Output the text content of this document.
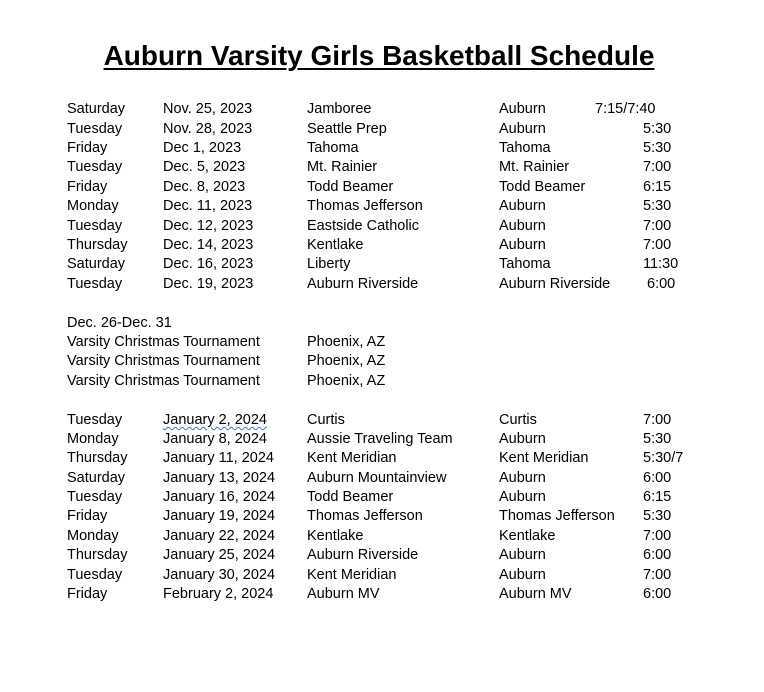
Auburn Varsity Girls Basketball Schedule
Saturday	Nov. 25, 2023	Jamboree	Auburn	7:15/7:40
Tuesday	Nov. 28, 2023	Seattle Prep	Auburn	5:30
Friday	Dec 1, 2023	Tahoma	Tahoma	5:30
Tuesday	Dec. 5, 2023	Mt. Rainier	Mt. Rainier	7:00
Friday	Dec. 8, 2023	Todd Beamer	Todd Beamer	6:15
Monday	Dec. 11, 2023	Thomas Jefferson	Auburn	5:30
Tuesday	Dec. 12, 2023	Eastside Catholic	Auburn	7:00
Thursday Dec. 14, 2023	Kentlake	Auburn	7:00
Saturday	Dec. 16, 2023	Liberty	Tahoma	11:30
Tuesday	Dec. 19, 2023	Auburn Riverside	Auburn Riverside	6:00
Dec. 26-Dec. 31
Varsity Christmas Tournament	Phoenix, AZ
Varsity Christmas Tournament	Phoenix, AZ
Varsity Christmas Tournament	Phoenix, AZ
Tuesday	January 2, 2024	Curtis	Curtis	7:00
Monday	January 8, 2024	Aussie Traveling Team	Auburn	5:30
Thursday January 11, 2024 Kent Meridian	Kent Meridian	5:30/7
Saturday	January 13, 2024 Auburn Mountainview	Auburn	6:00
Tuesday	January 16, 2024 Todd Beamer	Auburn	6:15
Friday	January 19, 2024 Thomas Jefferson	Thomas Jefferson 5:30
Monday	January 22, 2024 Kentlake	Kentlake	7:00
Thursday January 25, 2024 Auburn Riverside	Auburn	6:00
Tuesday	January 30, 2024 Kent Meridian	Auburn	7:00
Friday	February 2, 2024 Auburn MV	Auburn MV	6:00
